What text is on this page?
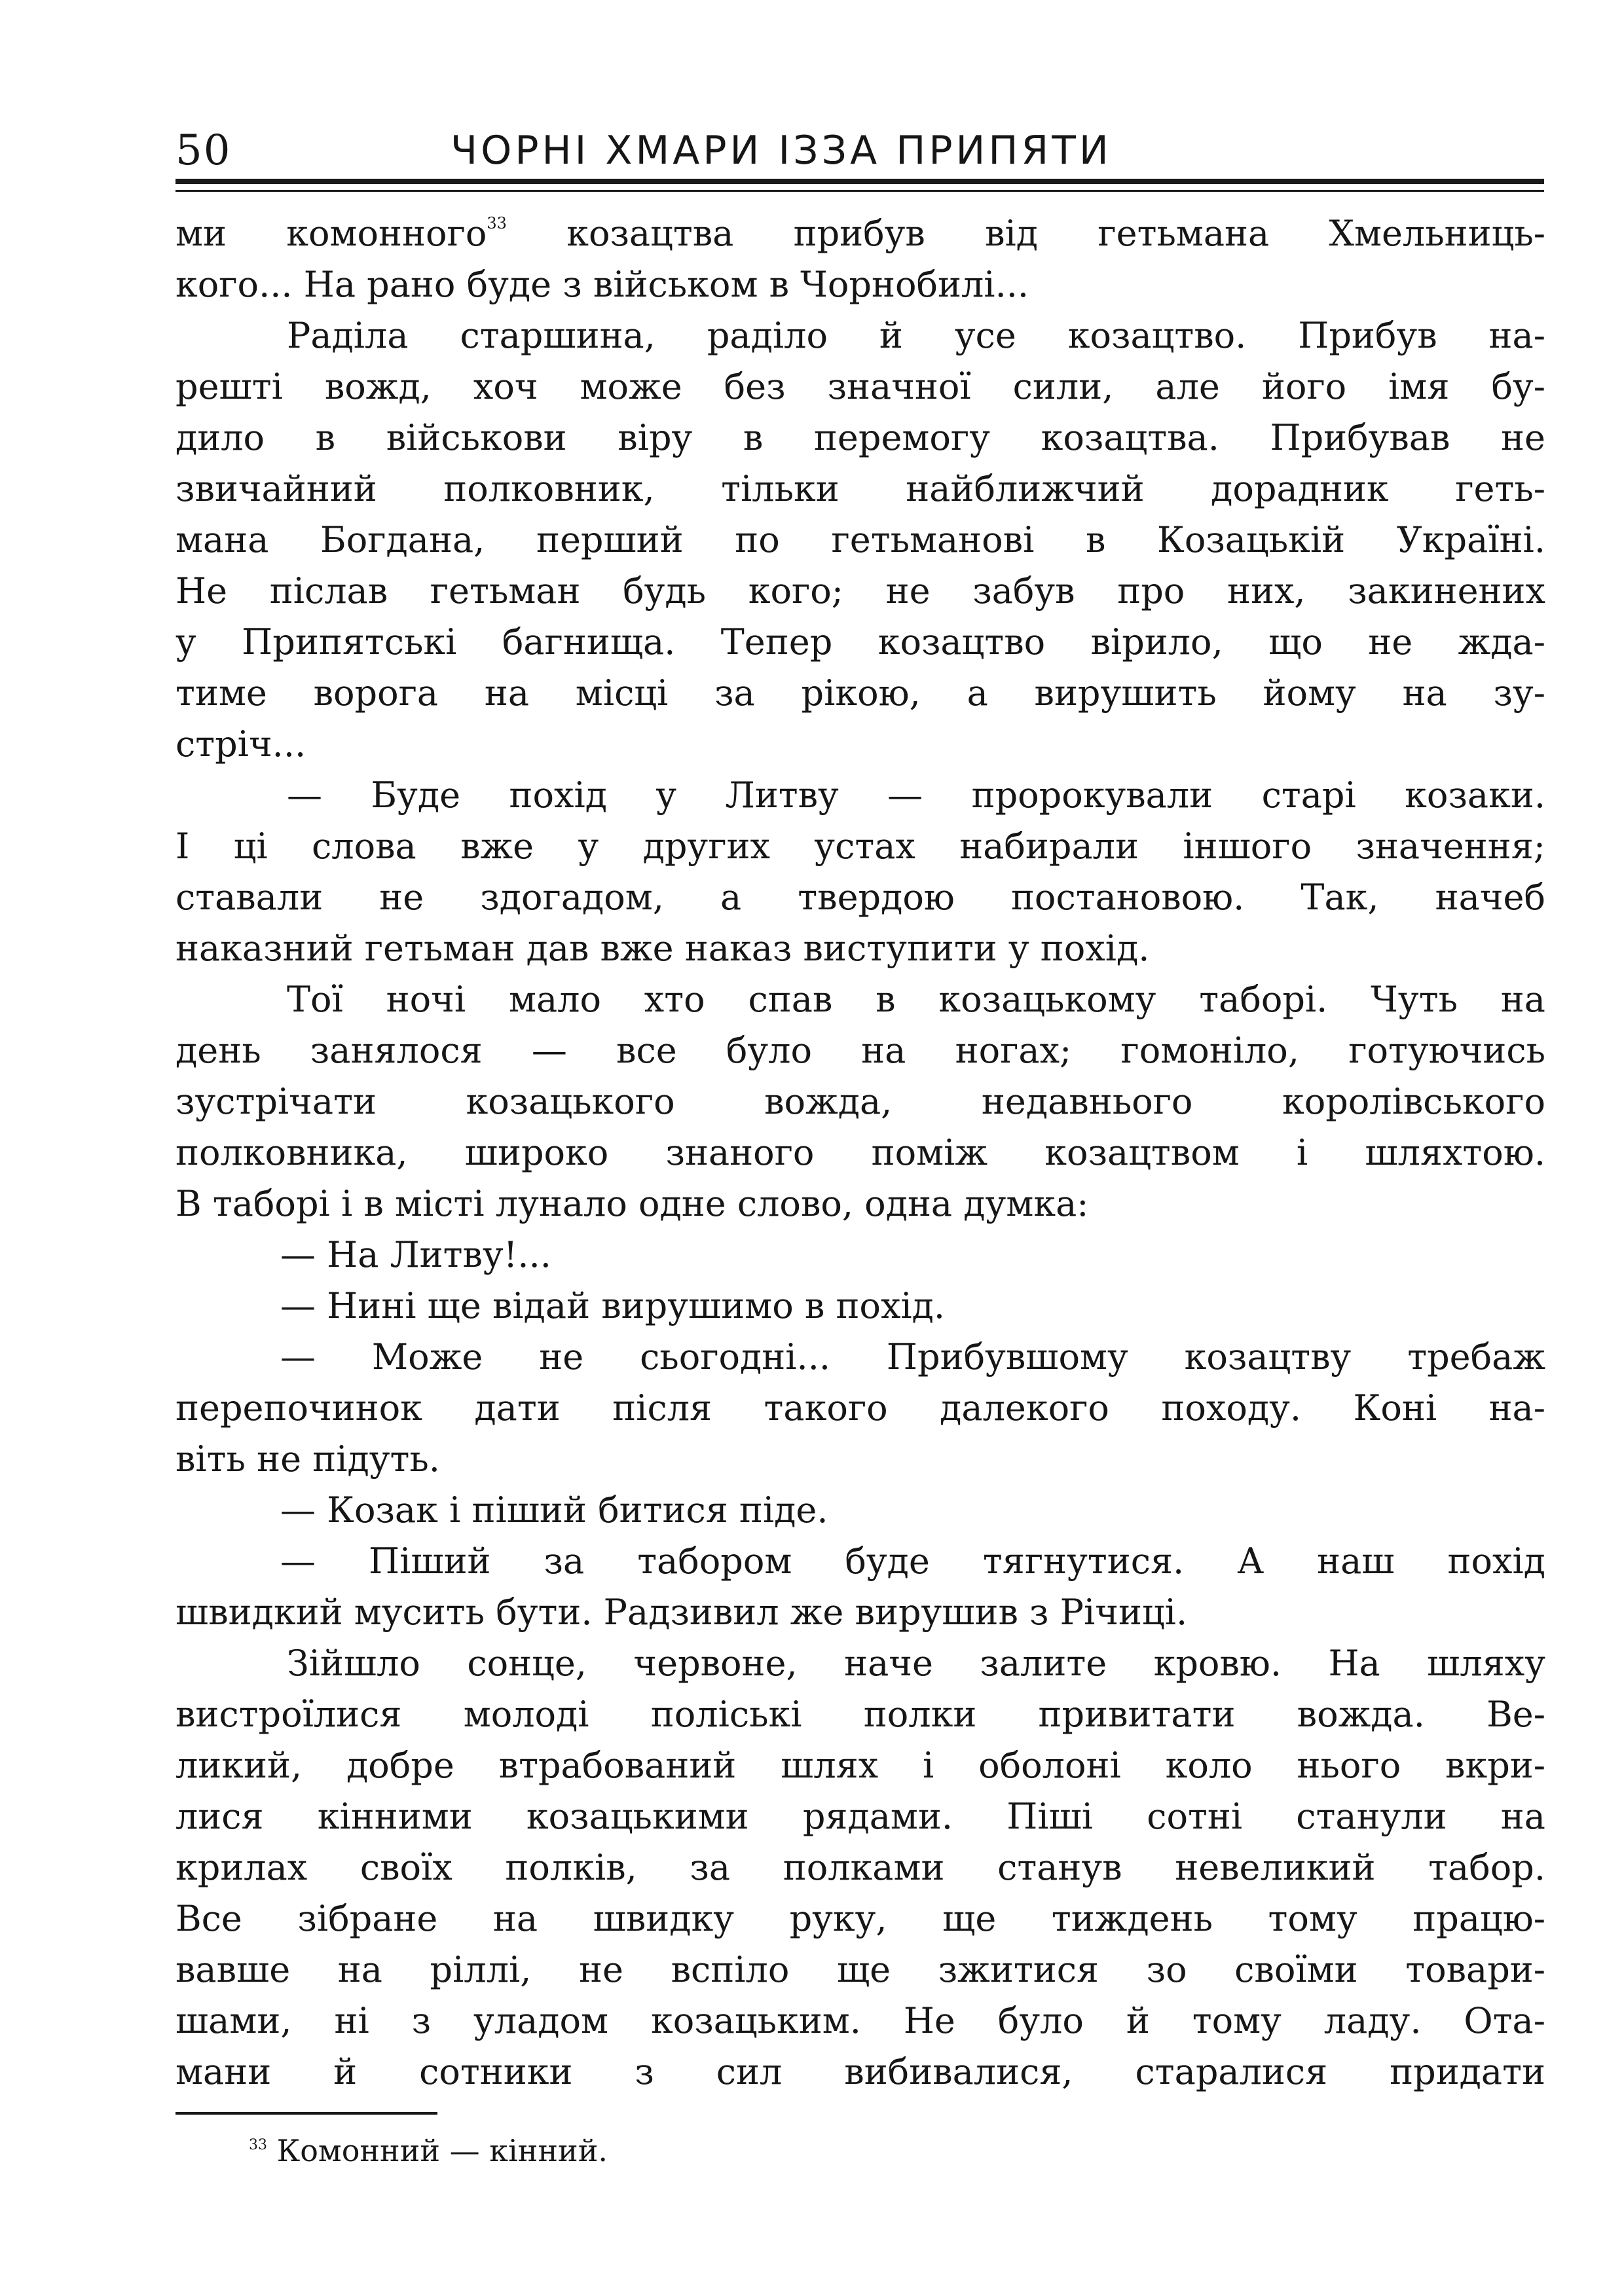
50	ЧОРНІ ХМАРИ ІЗЗА ПРИПЯТИ
ми комонного$^{33}$ козацтва прибув від гетьмана Хмельниць-
кого... На рано буде з військом в Чорнобилі...
Раділа старшина, раділо й усе козацтво. Прибув на-
решті вожд, хоч може без значної сили, але його імя бу-
дило в військови віру в перемогу козацтва. Прибував не
звичайний полковник, тільки найближчий дорадник геть-
мана Богдана, перший по гетьманові в Козацькій Україні.
Не післав гетьман будь кого; не забув про них, закинених
у Припятські багнища. Тепер козацтво вірило, що не ждa-
тиме ворога на місці за рікою, а вирушить йому на зу-
стріч...
— Буде похід у Литву — пророкували старі козаки.
І ці слова вже у других устах набирали іншого значення;
ставали не здогадом, а твердою постановою. Так, начеб
наказний гетьман дав вже наказ виступити у похід.
Тої ночі мало хто спав в козацькому таборі. Чуть на
день занялося — все було на ногах; гомоніло, готуючись
зустрічати козацького вожда, недавнього королівського
полковника, широко знаного поміж козацтвом і шляхтою.
В таборі і в місті лунало одне слово, одна думка:
— На Литву!...
— Нині ще відай вирушимо в похід.
— Може не сьогодні... Прибувшому козацтву требаж
перепочинок дати після такого далекого походу. Коні на-
віть не підуть.
— Козак і піший битися піде.
— Піший за табором буде тягнутися. А наш похід
швидкий мусить бути. Радзивил же вирушив з Річиці.
Зійшло сонце, червоне, наче залите кровю. На шляху
вистроїлися молоді поліські полки привитати вожда. Ве-
ликий, добре втрабований шлях і оболоні коло нього вкри-
лися кінними козацькими рядами. Піші сотні станули на
крилах своїх полків, за полками станув невеликий табор.
Все зібране на швидку руку, ще тиждень тому працю-
вавше на ріллі, не вспіло ще зжитися зо своїми товари-
шами, ні з уладом козацьким. Не було й тому ладу. Ота-
мани й сотники з сил вибивалися, старалися придати
$^{33}$ Комонний — кінний.
